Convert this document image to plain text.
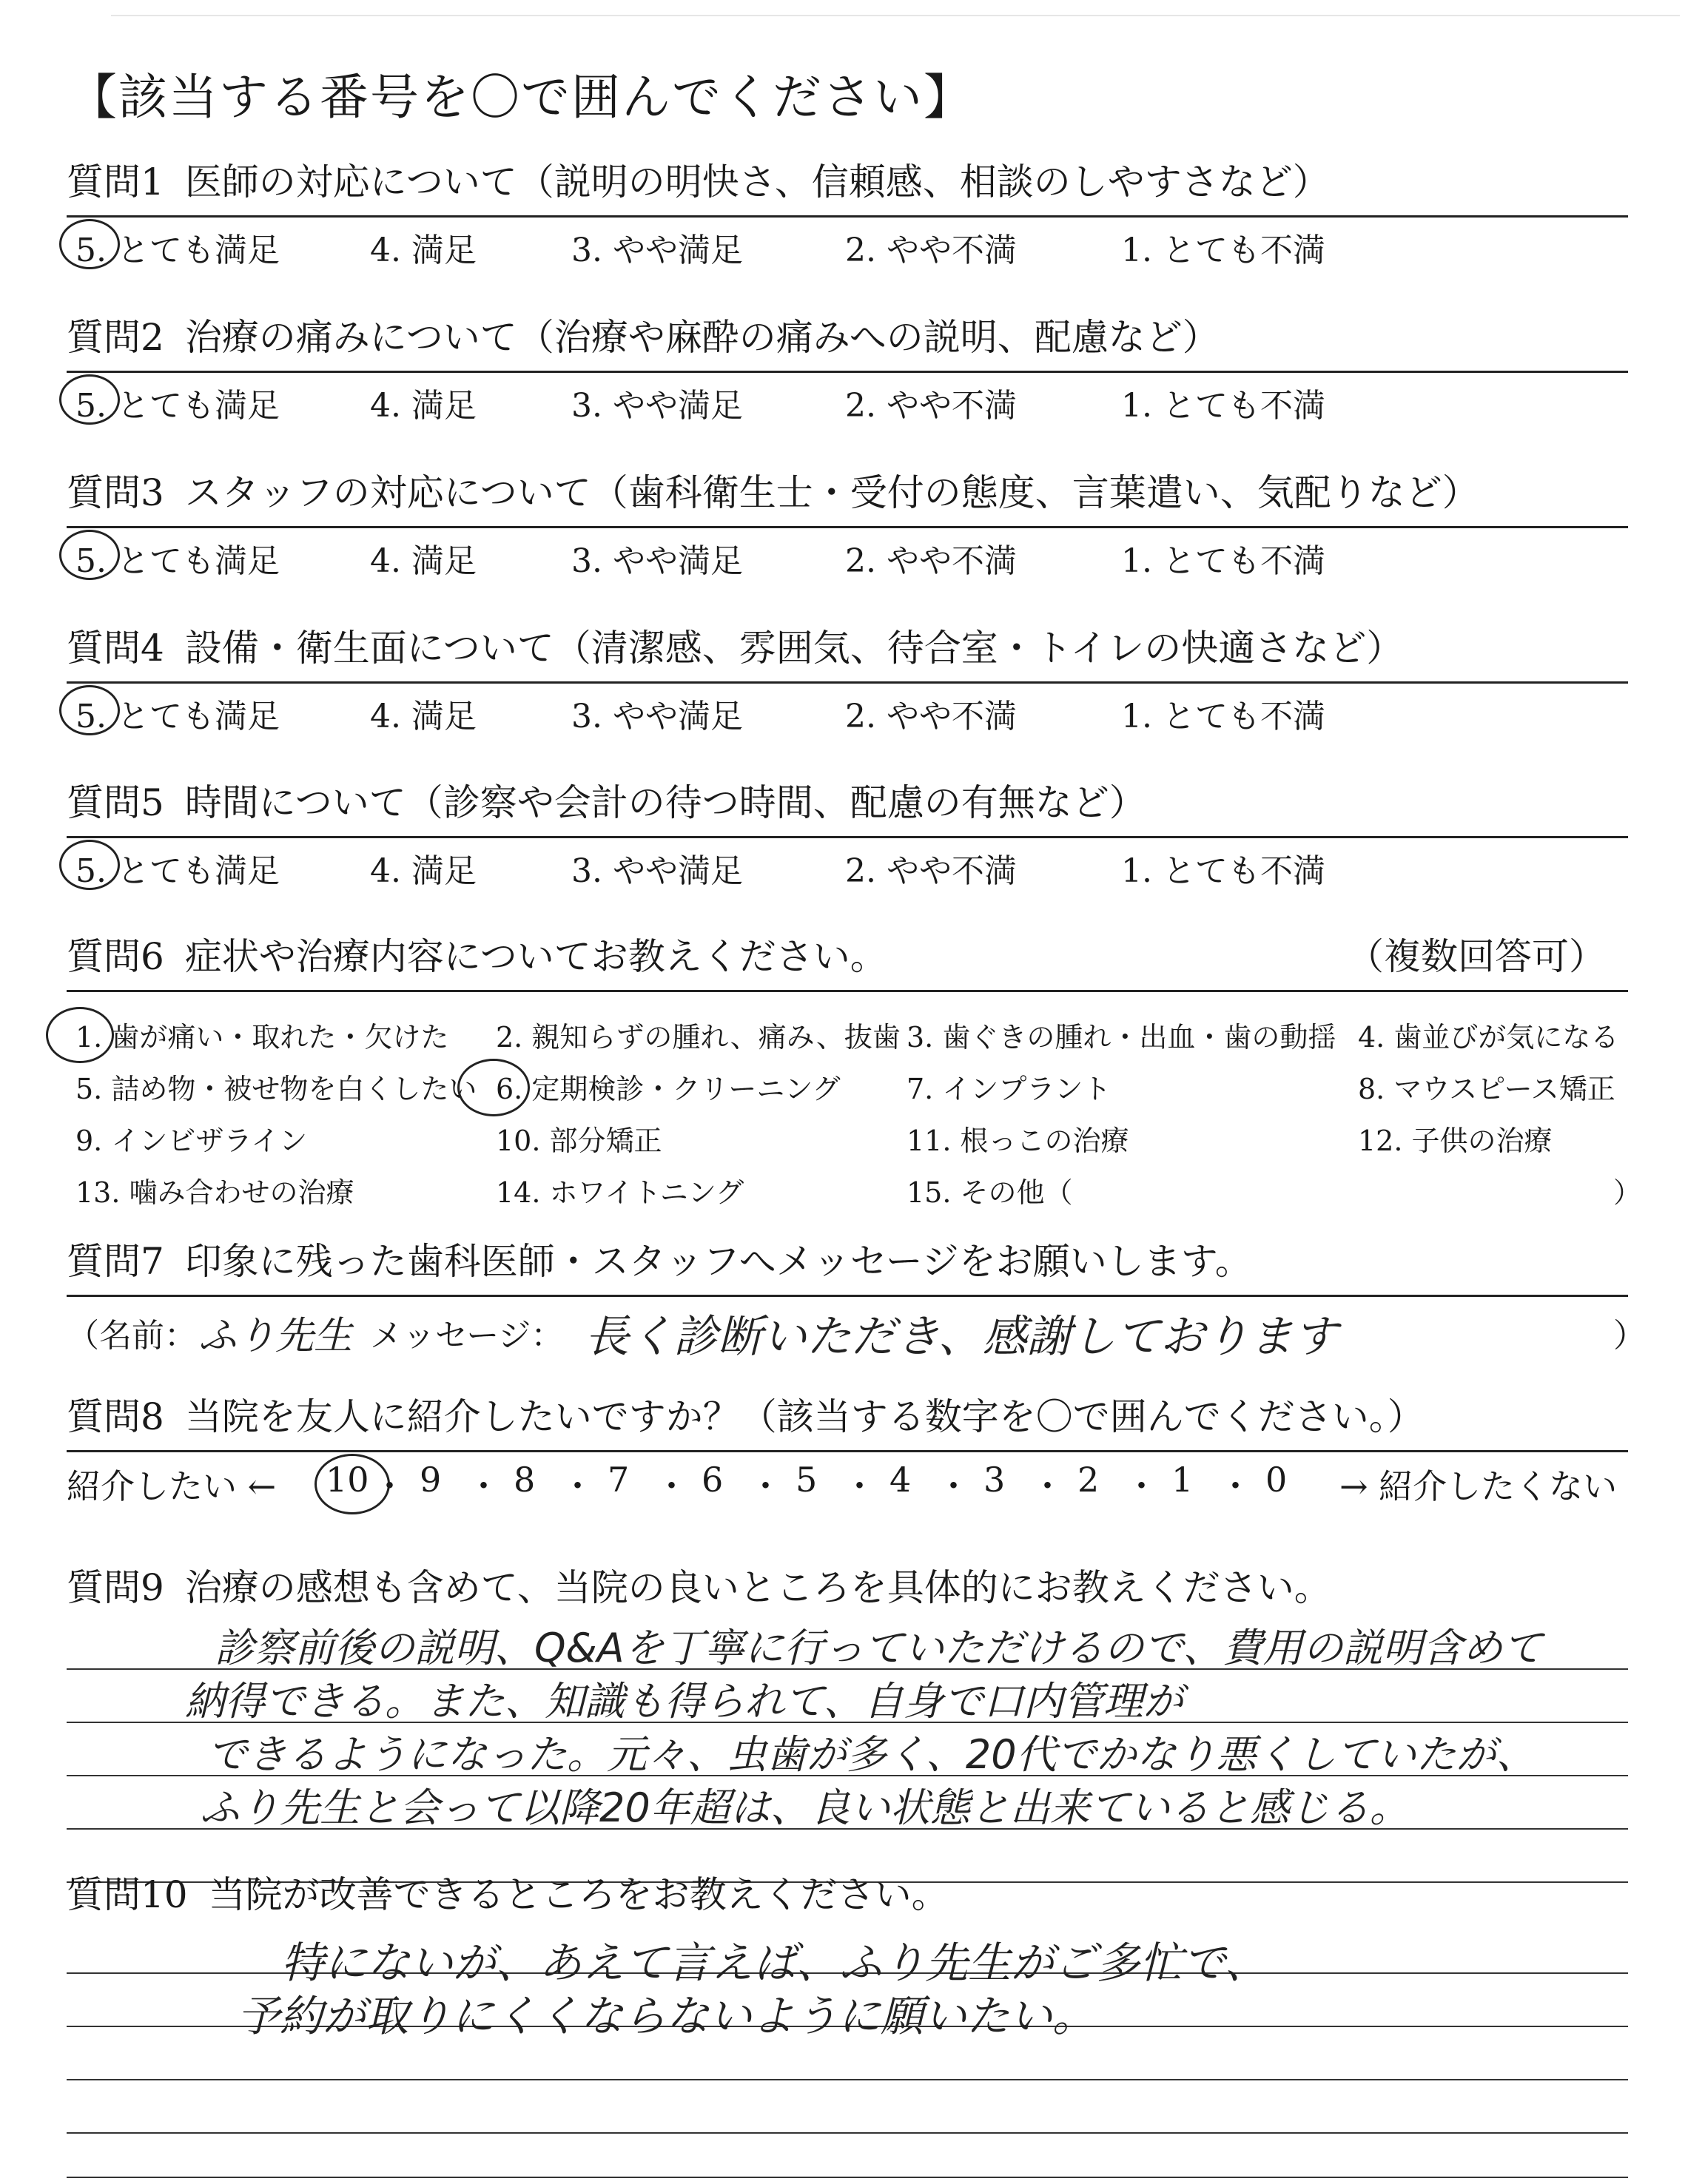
【該当する番号を〇で囲んでください】
質問1 医師の対応について（説明の明快さ、信頼感、相談のしやすさなど）
5. とても満足	4. 満足	3. やや満足	2. やや不満	1. とても不満
質問2 治療の痛みについて（治療や麻酔の痛みへの説明、配慮など）
5. とても満足	4. 満足	3. やや満足	2. やや不満	1. とても不満
質問3 スタッフの対応について（歯科衛生士・受付の態度、言葉遣い、気配りなど）
5. とても満足	4. 満足	3. やや満足	2. やや不満	1. とても不満
質問4 設備・衛生面について（清潔感、雰囲気、待合室・トイレの快適さなど）
5. とても満足	4. 満足	3. やや満足	2. やや不満	1. とても不満
質問5 時間について（診察や会計の待つ時間、配慮の有無など）
5. とても満足	4. 満足	3. やや満足	2. やや不満	1. とても不満
質問6 症状や治療内容についてお教えください。	（複数回答可）
1. 歯が痛い・取れた・欠けた 2. 親知らずの腫れ、痛み、抜歯 3. 歯ぐきの腫れ・出血・歯の動揺 4. 歯並びが気になる
5. 詰め物・被せ物を白くしたい 6. 定期検診・クリーニング 7. インプラント	8. マウスピース矯正
9. インビザライン	10. 部分矯正	11. 根っこの治療	12. 子供の治療
13. 噛み合わせの治療	14. ホワイトニング	15. その他（	）
質問7 印象に残った歯科医師・スタッフへメッセージをお願いします。
（名前： ふり先生 メッセージ： 長く診断いただき、感謝しております	）
質問8 当院を友人に紹介したいですか？（該当する数字を〇で囲んでください。）
紹介したい ←	→ 紹介したくない
10 ・ 9 ・ 8 ・ 7 ・ 6 ・ 5 ・ 4 ・ 3 ・ 2 ・ 1 ・ 0
質問9 治療の感想も含めて、当院の良いところを具体的にお教えください。
診察前後の説明、Q&Aを丁寧に行っていただけるので、費用の説明含めて
納得できる。また、知識も得られて、自身で口内管理が
できるようになった。元々、虫歯が多く、20代でかなり悪くしていたが、
ふり先生と会って以降20年超は、良い状態と出来ていると感じる。
質問10 当院が改善できるところをお教えください。
特にないが、あえて言えば、ふり先生がご多忙で、
予約が取りにくくならないように願いたい。
